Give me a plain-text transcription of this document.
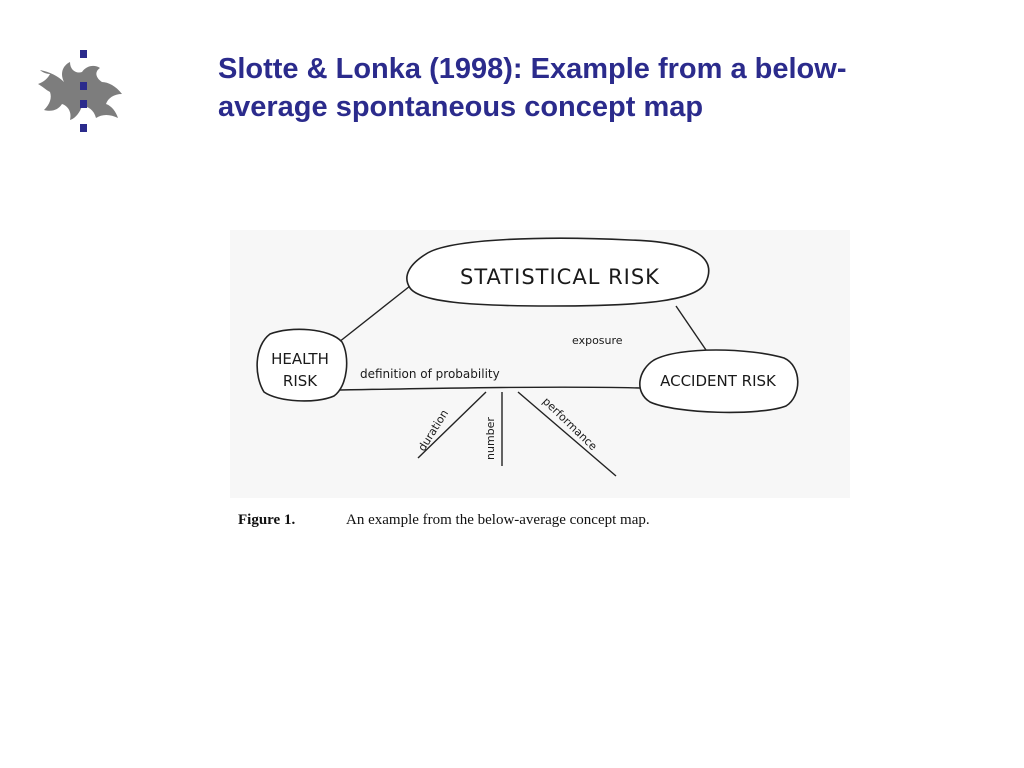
Slotte & Lonka (1998): Example from a below-
average spontaneous concept map
STATISTICAL RISK
HEALTH
RISK	ACCIDENT RISK
exposure
definition of probability
duration	number	performance
Figure 1.	An example from the below-average concept map.
